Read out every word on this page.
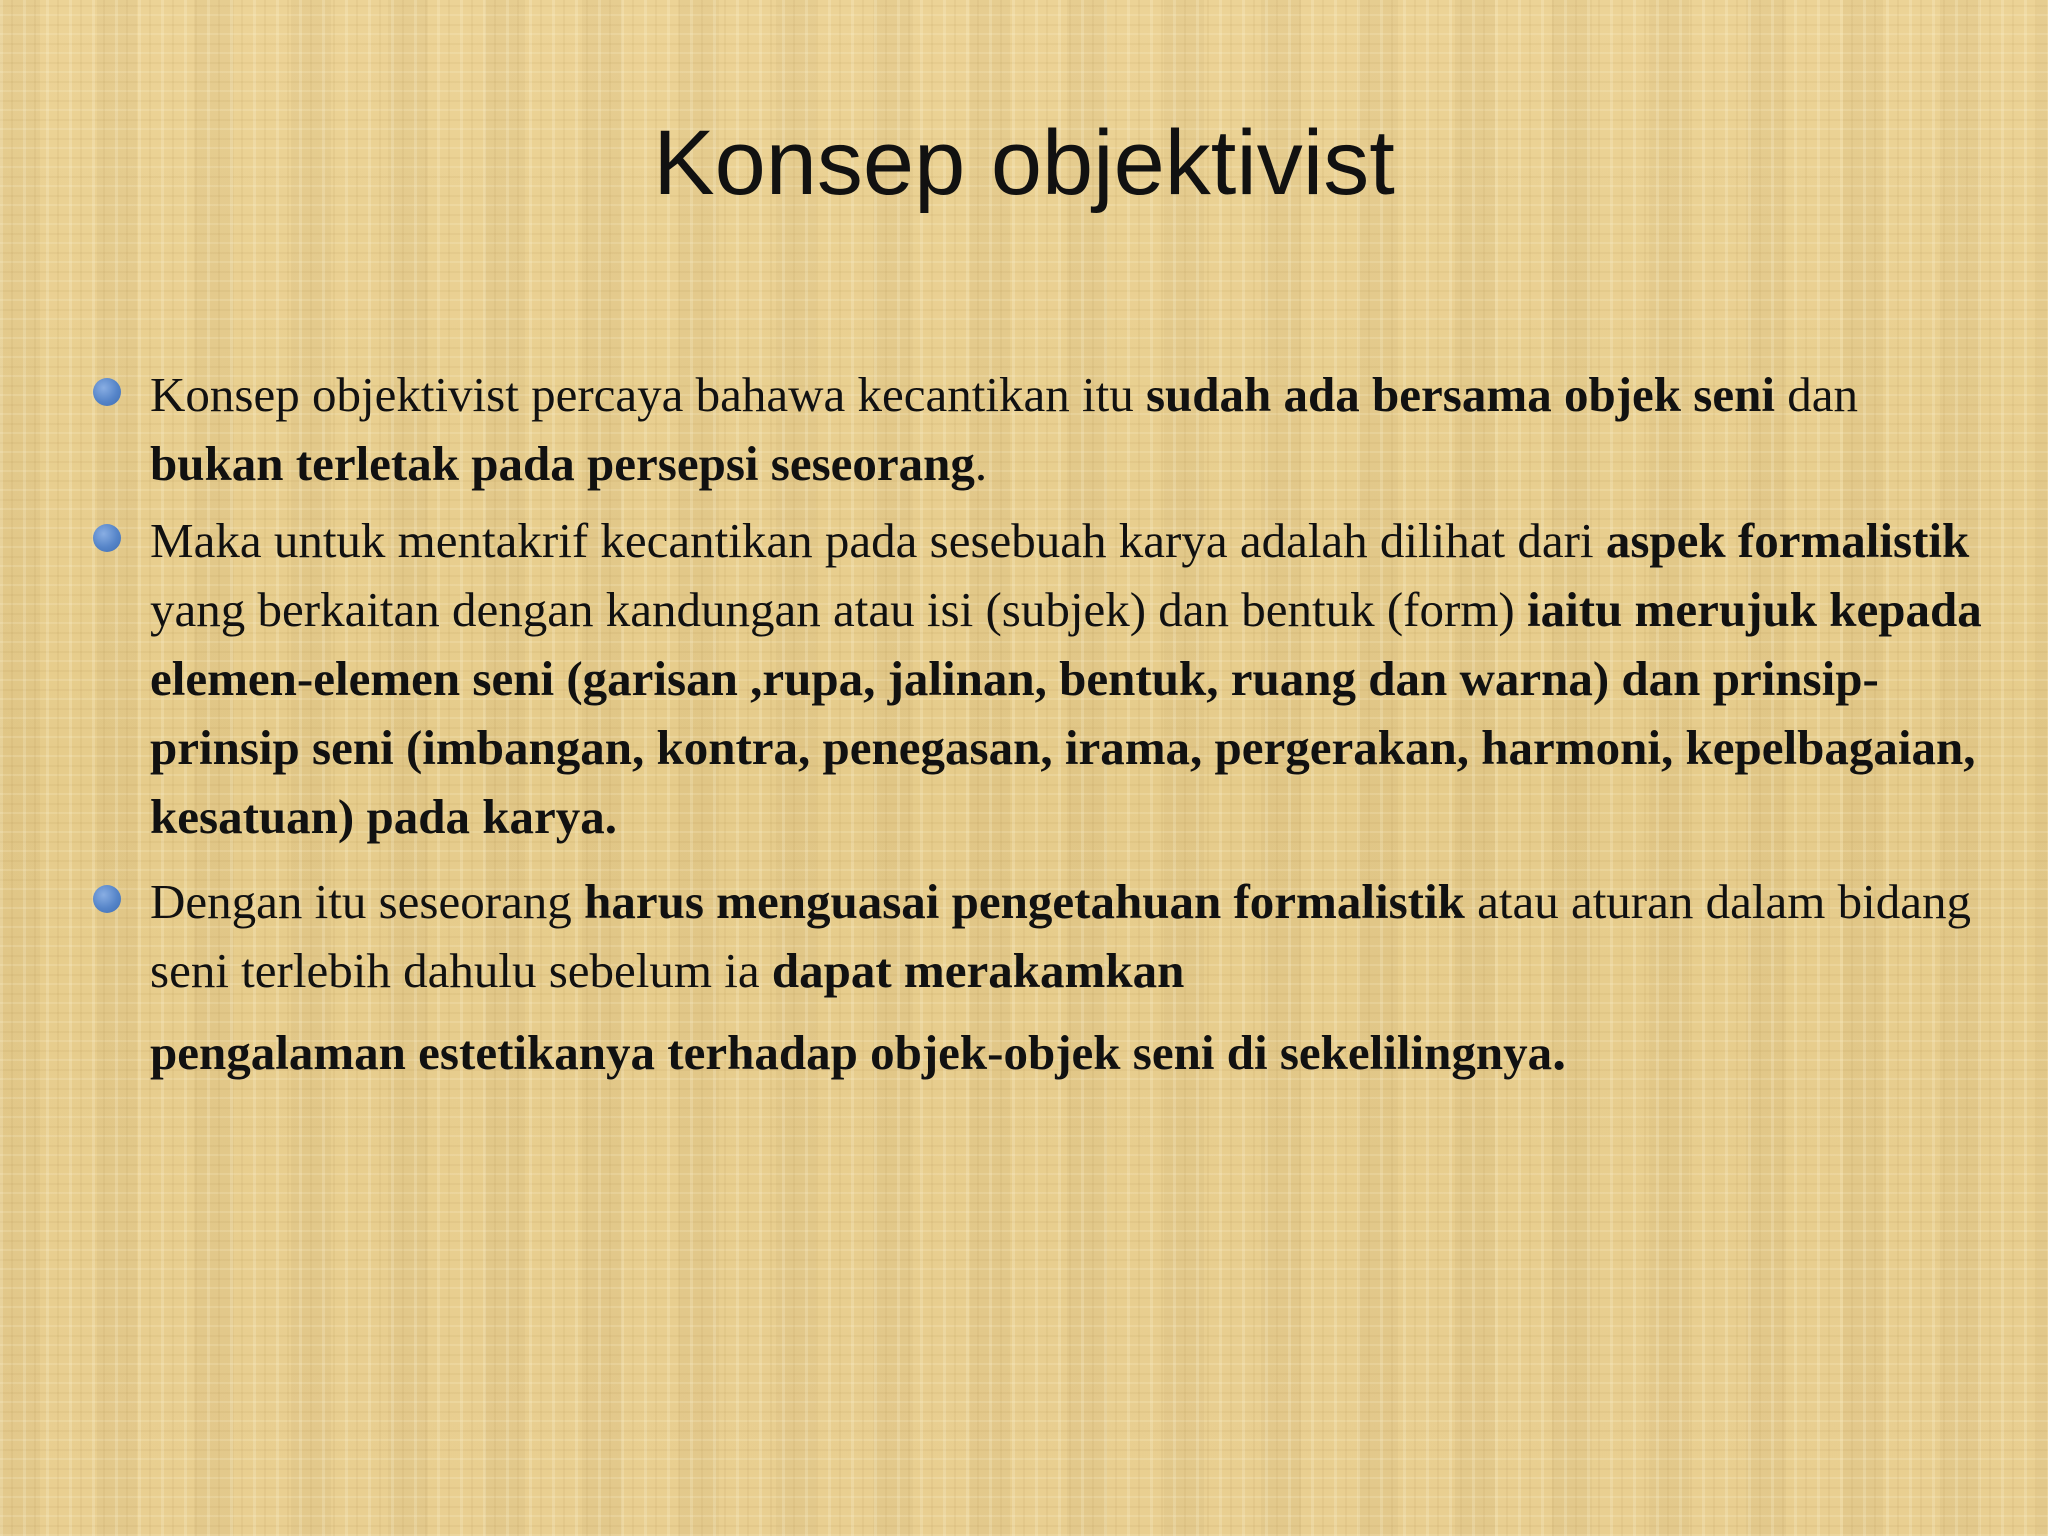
Konsep objektivist
Konsep objektivist percaya bahawa kecantikan itu sudah ada bersama objek seni dan bukan terletak pada persepsi seseorang.
Maka untuk mentakrif kecantikan pada sesebuah karya adalah dilihat dari aspek formalistik yang berkaitan dengan kandungan atau isi (subjek) dan bentuk (form) iaitu merujuk kepada elemen-elemen seni (garisan ,rupa, jalinan, bentuk, ruang dan warna) dan prinsip-prinsip seni (imbangan, kontra, penegasan, irama, pergerakan, harmoni, kepelbagaian, kesatuan) pada karya.
Dengan itu seseorang harus menguasai pengetahuan formalistik atau aturan dalam bidang seni terlebih dahulu sebelum ia dapat merakamkan
pengalaman estetikanya terhadap objek-objek seni di sekelilingnya.
